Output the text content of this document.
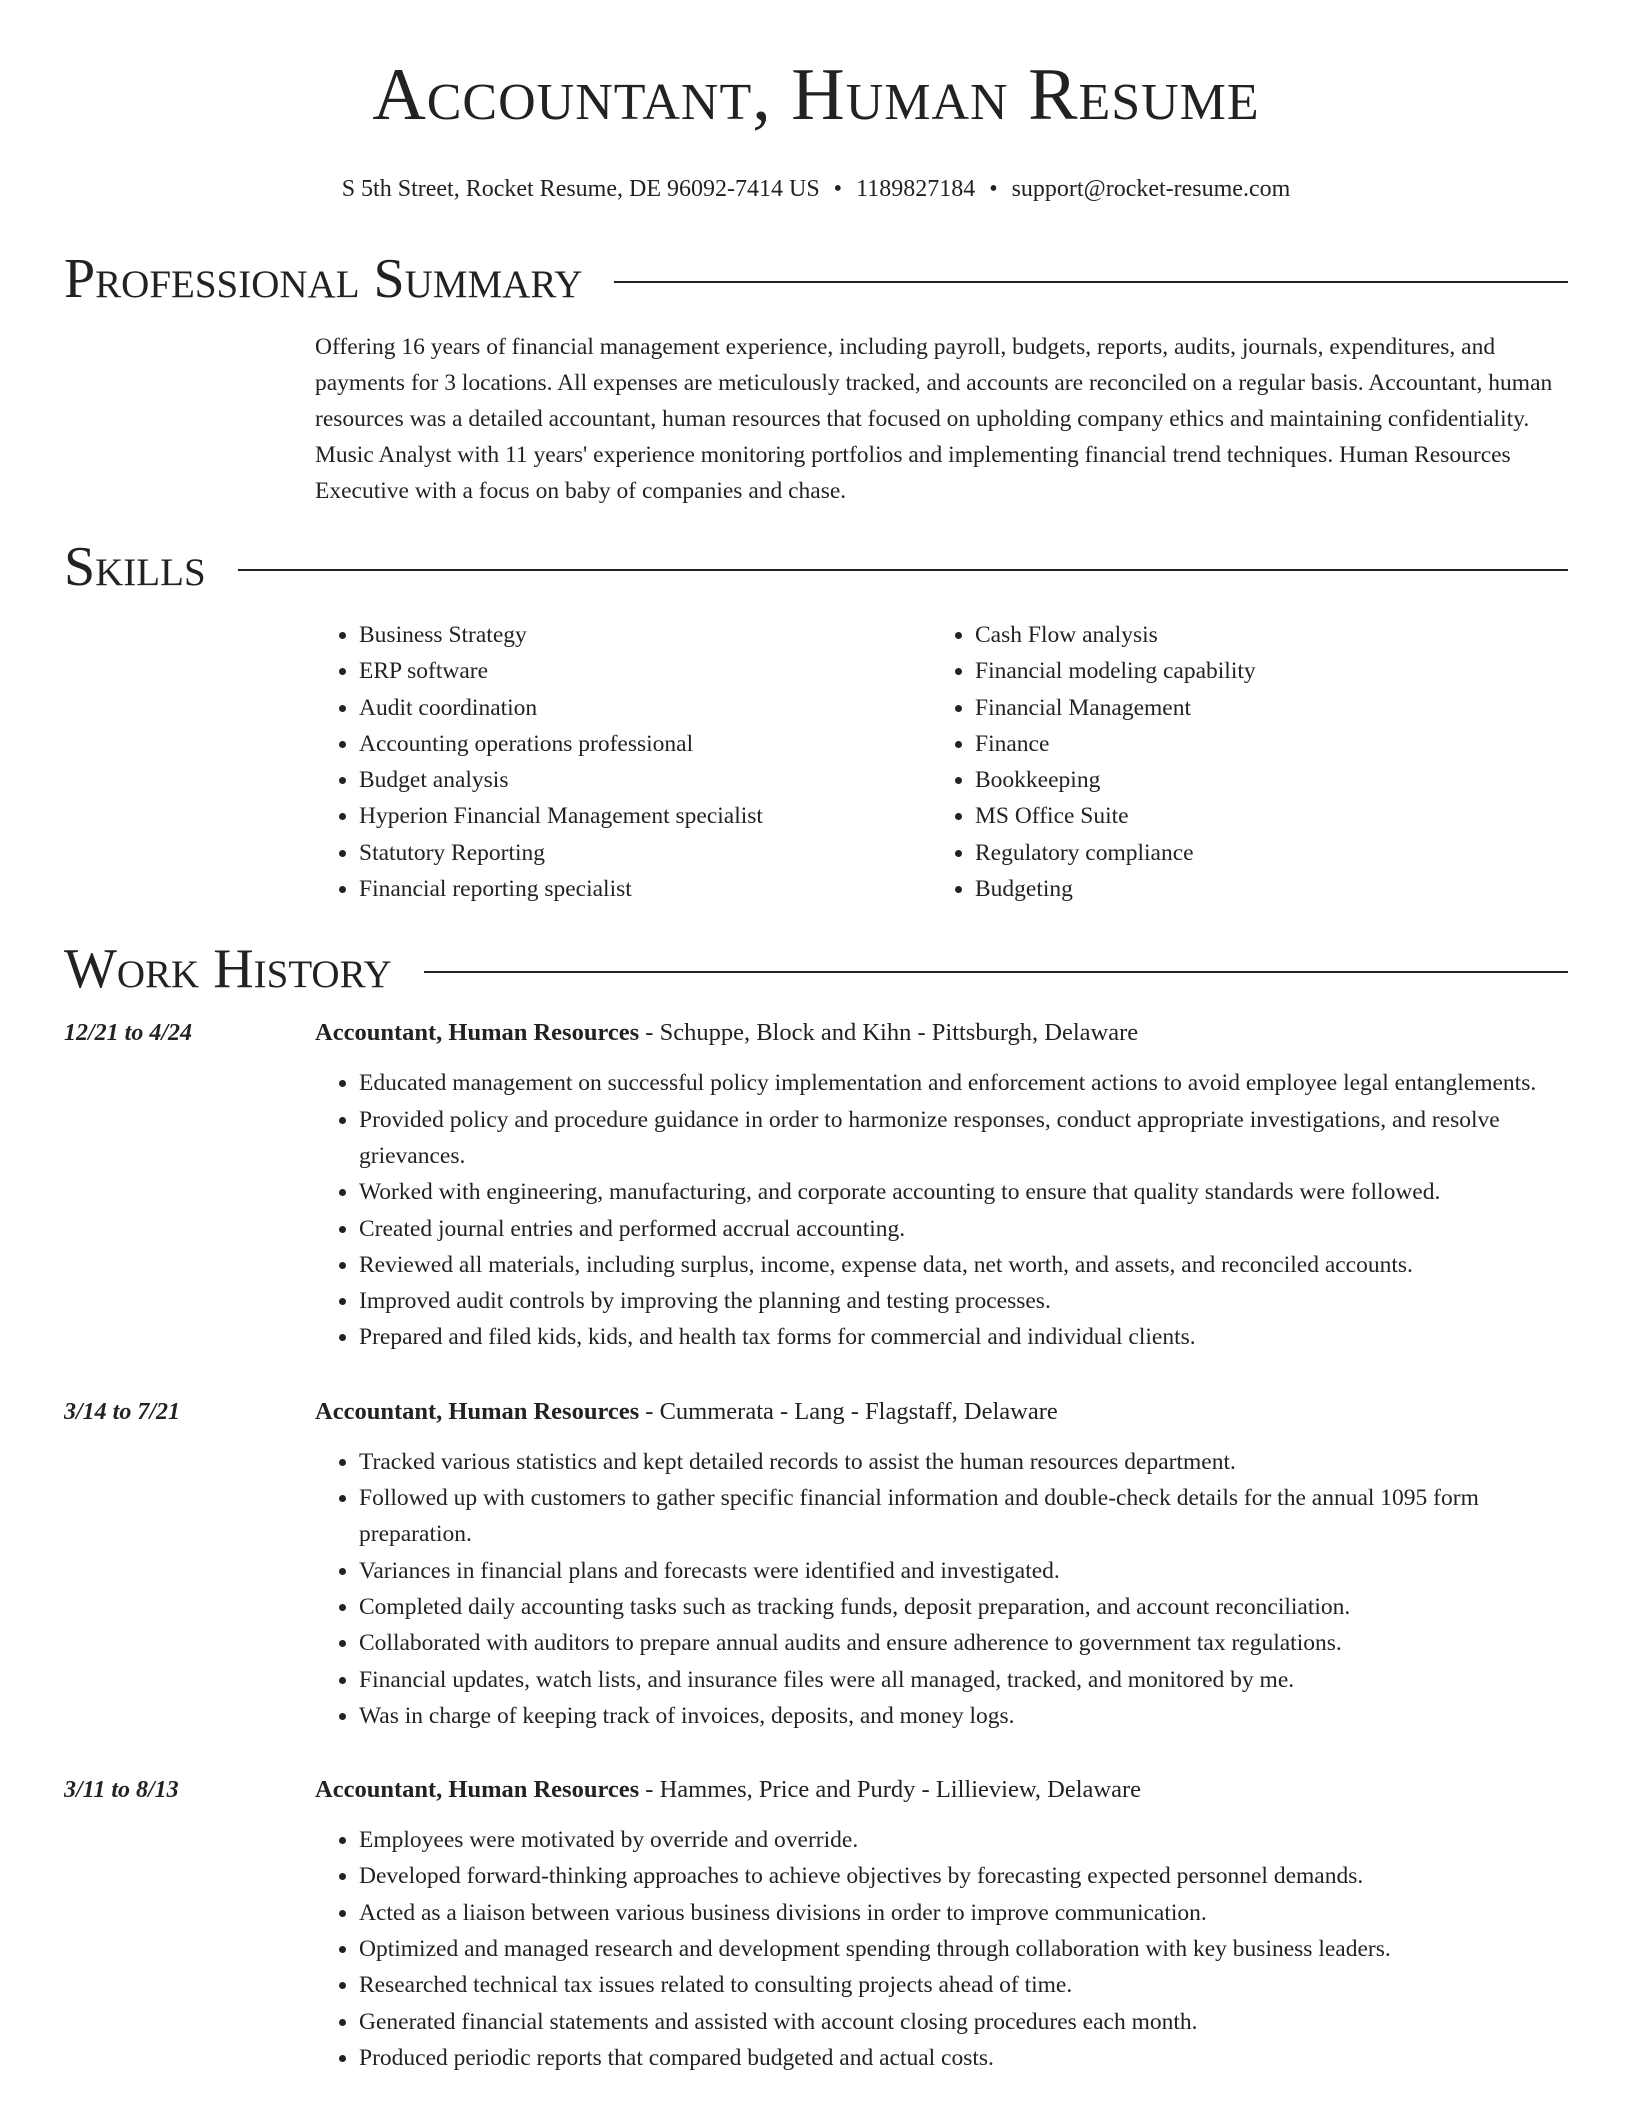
Accountant, Human Resume
S 5th Street, Rocket Resume, DE 96092-7414 US • 1189827184 • support@rocket-resume.com
Professional Summary

Offering 16 years of financial management experience, including payroll, budgets, reports, audits, journals, expenditures, and payments for 3 locations. All expenses are meticulously tracked, and accounts are reconciled on a regular basis. Accountant, human resources was a detailed accountant, human resources that focused on upholding company ethics and maintaining confidentiality. Music Analyst with 11 years' experience monitoring portfolios and implementing financial trend techniques. Human Resources Executive with a focus on baby of companies and chase.

Skills
• Business Strategy
• ERP software
• Audit coordination
• Accounting operations professional
• Budget analysis
• Hyperion Financial Management specialist
• Statutory Reporting
• Financial reporting specialist
• Cash Flow analysis
• Financial modeling capability
• Financial Management
• Finance
• Bookkeeping
• MS Office Suite
• Regulatory compliance
• Budgeting
Work History
12/21 to 4/24	Accountant, Human Resources - Schuppe, Block and Kihn - Pittsburgh, Delaware
• Educated management on successful policy implementation and enforcement actions to avoid employee legal entanglements.
• Provided policy and procedure guidance in order to harmonize responses, conduct appropriate investigations, and resolve grievances.
• Worked with engineering, manufacturing, and corporate accounting to ensure that quality standards were followed.
• Created journal entries and performed accrual accounting.
• Reviewed all materials, including surplus, income, expense data, net worth, and assets, and reconciled accounts.
• Improved audit controls by improving the planning and testing processes.
• Prepared and filed kids, kids, and health tax forms for commercial and individual clients.
3/14 to 7/21	Accountant, Human Resources - Cummerata - Lang - Flagstaff, Delaware
• Tracked various statistics and kept detailed records to assist the human resources department.
• Followed up with customers to gather specific financial information and double-check details for the annual 1095 form preparation.
• Variances in financial plans and forecasts were identified and investigated.
• Completed daily accounting tasks such as tracking funds, deposit preparation, and account reconciliation.
• Collaborated with auditors to prepare annual audits and ensure adherence to government tax regulations.
• Financial updates, watch lists, and insurance files were all managed, tracked, and monitored by me.
• Was in charge of keeping track of invoices, deposits, and money logs.
3/11 to 8/13	Accountant, Human Resources - Hammes, Price and Purdy - Lillieview, Delaware
• Employees were motivated by override and override.
• Developed forward-thinking approaches to achieve objectives by forecasting expected personnel demands.
• Acted as a liaison between various business divisions in order to improve communication.
• Optimized and managed research and development spending through collaboration with key business leaders.
• Researched technical tax issues related to consulting projects ahead of time.
• Generated financial statements and assisted with account closing procedures each month.
• Produced periodic reports that compared budgeted and actual costs.
